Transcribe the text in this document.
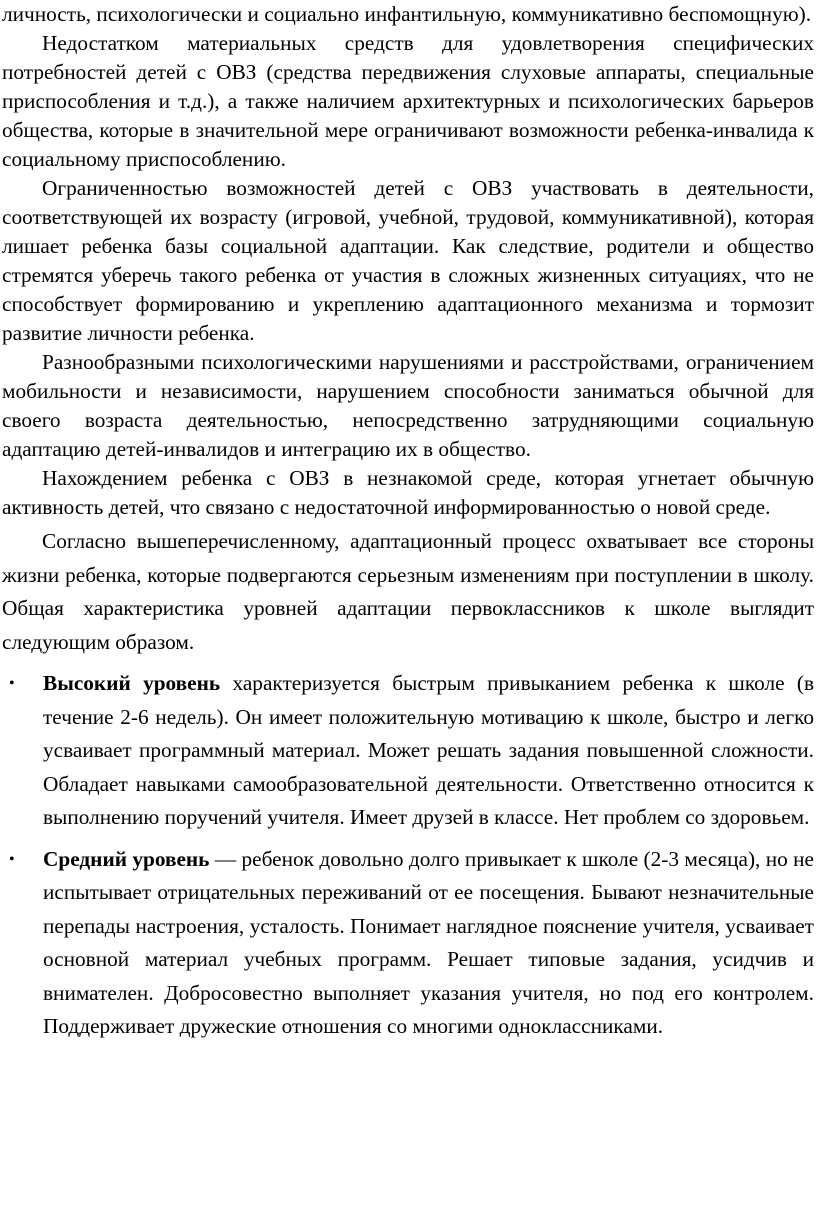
личность, психологически и социально инфантильную, коммуникативно беспомощную).

Недостатком материальных средств для удовлетворения специфических потребностей детей с ОВЗ (средства передвижения слуховые аппараты, специальные приспособления и т.д.), а также наличием архитектурных и психологических барьеров общества, которые в значительной мере ограничивают возможности ребенка-инвалида к социальному приспособлению.

Ограниченностью возможностей детей с ОВЗ участвовать в деятельности, соответствующей их возрасту (игровой, учебной, трудовой, коммуникативной), которая лишает ребенка базы социальной адаптации. Как следствие, родители и общество стремятся уберечь такого ребенка от участия в сложных жизненных ситуациях, что не способствует формированию и укреплению адаптационного механизма и тормозит развитие личности ребенка.

Разнообразными психологическими нарушениями и расстройствами, ограничением мобильности и независимости, нарушением способности заниматься обычной для своего возраста деятельностью, непосредственно затрудняющими социальную адаптацию детей-инвалидов и интеграцию их в общество.

Нахождением ребенка с ОВЗ в незнакомой среде, которая угнетает обычную активность детей, что связано с недостаточной информированностью о новой среде.

Согласно вышеперечисленному, адаптационный процесс охватывает все стороны жизни ребенка, которые подвергаются серьезным изменениям при поступлении в школу. Общая характеристика уровней адаптации первоклассников к школе выглядит следующим образом.

• Высокий уровень характеризуется быстрым привыканием ребенка к школе (в течение 2-6 недель). Он имеет положительную мотивацию к школе, быстро и легко усваивает программный материал. Может решать задания повышенной сложности. Обладает навыками самообразовательной деятельности. Ответственно относится к выполнению поручений учителя. Имеет друзей в классе. Нет проблем со здоровьем.
• Средний уровень — ребенок довольно долго привыкает к школе (2-3 месяца), но не испытывает отрицательных переживаний от ее посещения. Бывают незначительные перепады настроения, усталость. Понимает наглядное пояснение учителя, усваивает основной материал учебных программ. Решает типовые задания, усидчив и внимателен. Добросовестно выполняет указания учителя, но под его контролем. Поддерживает дружеские отношения со многими одноклассниками.
